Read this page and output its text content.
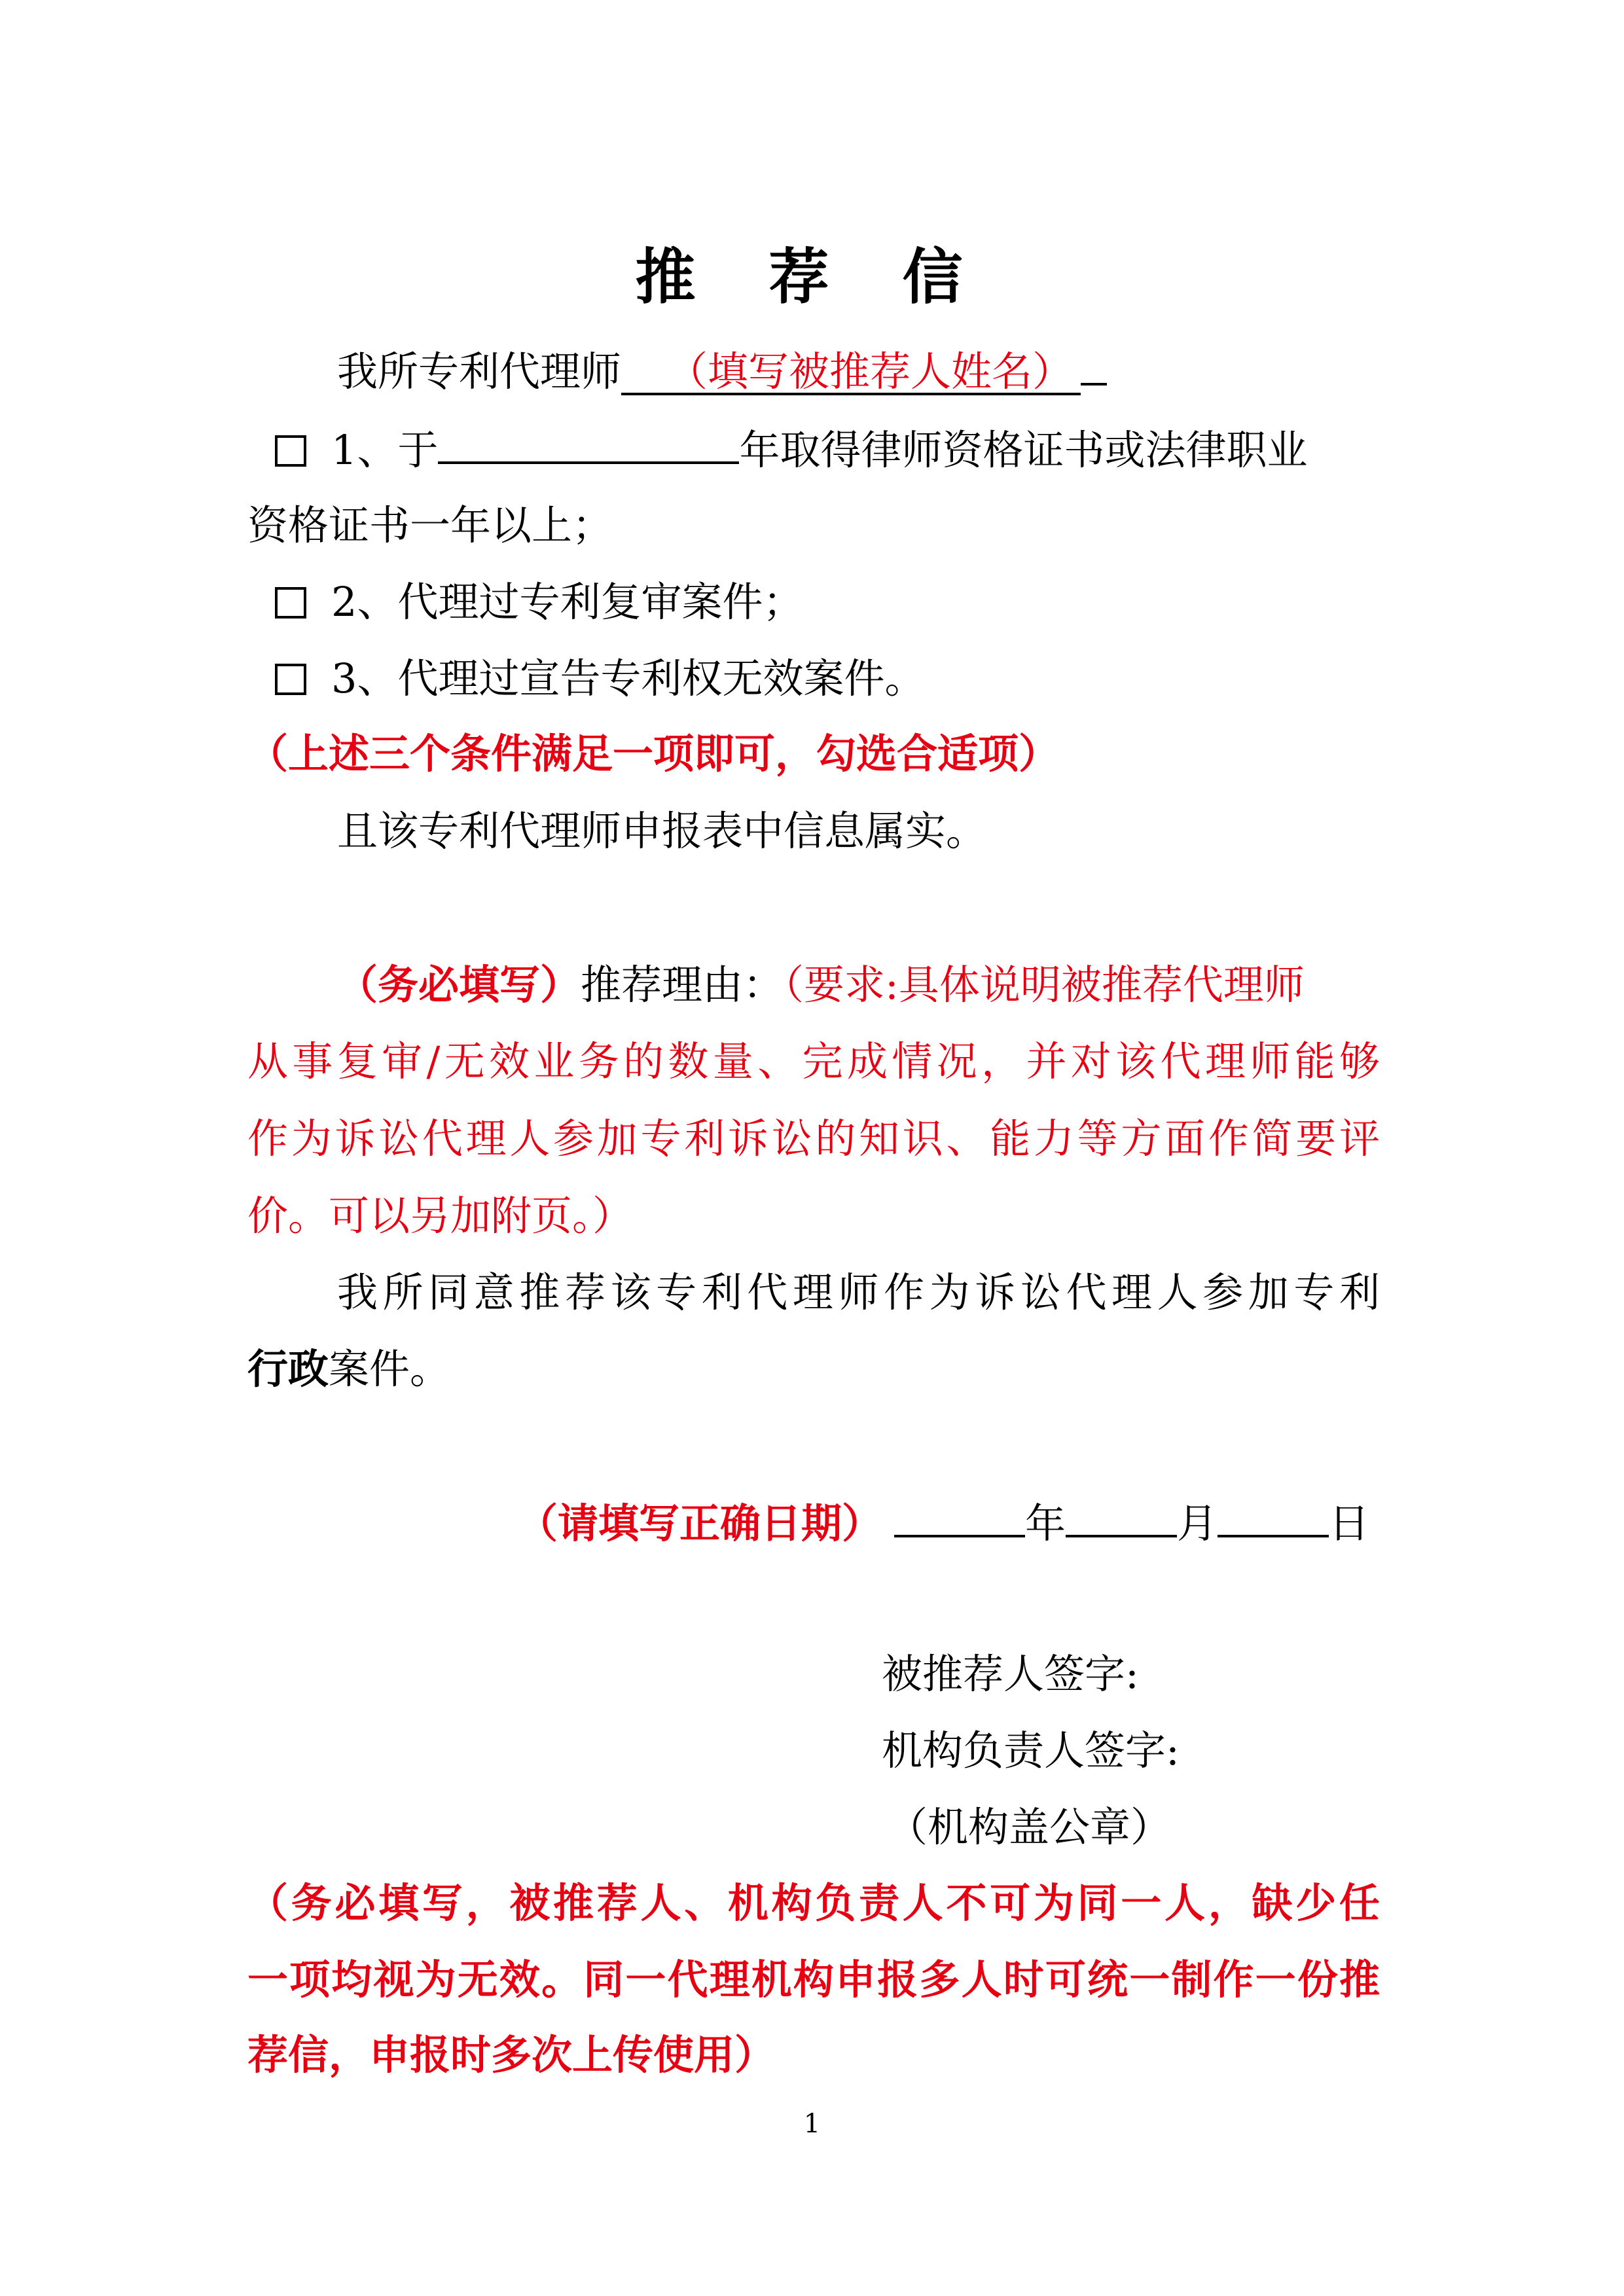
推 荐 信
我所专利代理师 （填写被推荐人姓名）
1、于	年取得律师资格证书或法律职业
资格证书一年以上；
2、代理过专利复审案件；
3、代理过宣告专利权无效案件。
（上述三个条件满足一项即可，勾选合适项）
且该专利代理师申报表中信息属实。
（务必填写）推荐理由：（要求:具体说明被推荐代理师
从事复审/无效业务的数量、完成情况，并对该代理师能够
作为诉讼代理人参加专利诉讼的知识、能力等方面作简要评
价。可以另加附页。）
我所同意推荐该专利代理师作为诉讼代理人参加专利
行政案件。
（请填写正确日期）	年	月	日
被推荐人签字:
机构负责人签字:
（机构盖公章）
（务必填写，被推荐人、机构负责人不可为同一人，缺少任
一项均视为无效。同一代理机构申报多人时可统一制作一份推
荐信，申报时多次上传使用）
1
